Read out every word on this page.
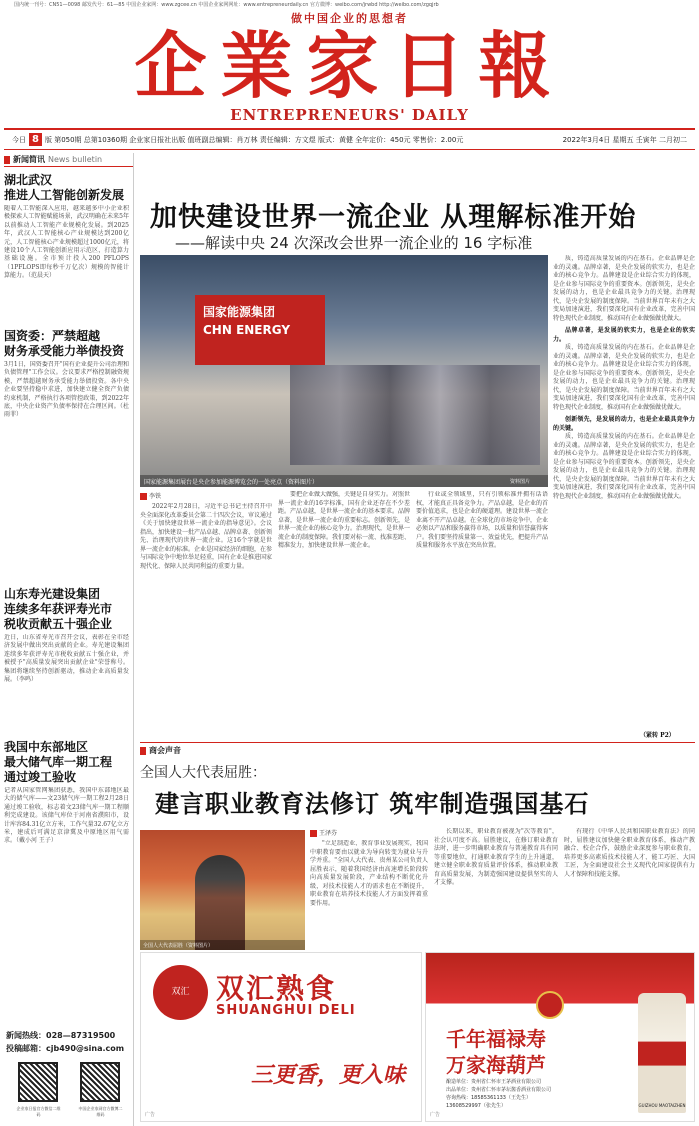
国内统一刊号：CN51—0098 邮发代号：61—85 中国企业家网：www.zgcee.cn 中国企业家网网址：www.entrepreneurdaily.cn 官方微博：weibo.com/jrwbd http://weibo.com/zgqjrb
做中国企业的思想者
企業家日報
ENTREPRENEURS' DAILY
今日 8 版 第050期 总第10360期 企业家日报社出版 值班副总编辑：肖万林 责任编辑：方文煜 版式：黄健 全年定价：450元 零售价：2.00元	2022年3月4日 星期五 壬寅年 二月初二
新闻简讯 News bulletin
湖北武汉
推进人工智能创新发展
随着人工智能深入应用，越来越多中小企业积极探索人工智能赋能场景，武汉明确在未来5年以前推动人工智能产业规模化发展。到2025年，武汉人工智能核心产业规模达到200亿元，人工智能核心产业规模超过1000亿元，将建设10个人工智能创新应用示范区，打造算力基础设施。全市预计投入200 PFLOPS（1PFLOPS即每秒千万亿次）规模的智能计算能力。（范晨天）
国资委：严禁超越
财务承受能力举债投资
3月1日，国资委召开"国有企业提升公司治理和负债管理"工作会议。会议要求严格控制融资规模，严禁超越财务承受能力举债投资。各中央企业要坚持稳中求进，加快建立健全资产负债约束机制，严格执行各项管控政策，到2022年底，中央企业资产负债率保持在合理区间。（杜雨菲）
山东寿光建设集团
连续多年获评寿光市
税收贡献五十强企业
近日，山东省寿光市召开会议，表彰在全市经济发展中做出突出贡献的企业。寿光建设集团连续多年获评寿光市税收贡献五十强企业，并被授予"高质量发展突出贡献企业"荣誉称号。集团将继续坚持创新驱动，推动企业高质量发展。（李鸣）
我国中东部地区
最大储气库一期工程
通过竣工验收
记者从国家管网集团获悉，我国中东部地区最大的储气库——文23储气库一期工程2月28日通过竣工验收，标志着文23储气库一期工程顺利完成建设。该储气库位于河南省濮阳市，设计库容84.31亿立方米，工作气量32.67亿立方米，建成后可满足京津冀及中原地区用气需求。（戴小河 王子）
新闻热线：028—87319500
投稿邮箱：cjb490@sina.com
企业家日报官方微信二维码
中国企业家网官方微博二维码
加快建设世界一流企业 从理解标准开始
——解读中央 24 次深改会世界一流企业的 16 字标准
国家能源集团
CHN ENERGY
国家能源集团展台是央企参加能源博览会的一处亮点（资料图片）	资料图片
李铁

2022年2月28日，习近平总书记主持召开中央全面深化改革委员会第二十四次会议，审议通过《关于加快建设世界一流企业的指导意见》。会议指出，加快建设一批产品卓越、品牌卓著、创新领先、治理现代的世界一流企业。这16个字就是世界一流企业的标准。企业是国家经济的细胞，在参与国际竞争中地位举足轻重，国有企业是推进国家现代化、保障人民共同利益的重要力量。

要把企业做大做强，关键是自身实力。对照世界一流企业的16字标准，国有企业还存在不少差距。产品卓越，是世界一流企业的基本要求。品牌卓著，是世界一流企业的重要标志。创新领先，是世界一流企业的核心竞争力。治理现代，是世界一流企业的制度保障。我们要对标一流、找准差距、精准发力，加快建设世界一流企业。

行业或全领域里，只有引领标准并拥有话语权，才能真正具备竞争力。产品卓越，是企业的首要价值追求，也是企业的硬道理。建设世界一流企业离不开产品卓越。在全球化的市场竞争中，企业必须以产品和服务赢得市场，以质量和信誉赢得客户。我们要坚持质量第一、效益优先，把提升产品质量和服务水平放在突出位置。

质，铸造高质量发展的内在基石。企业品牌是企业的灵魂。品牌卓著，是央企发展的软实力，也是企业的核心竞争力。品牌建设是企业综合实力的体现，是企业参与国际竞争的重要资本。创新领先，是央企发展的动力，也是企业最具竞争力的关键。治理现代，是央企发展的制度保障。当前世界百年未有之大变局加速演进，我们要深化国有企业改革，完善中国特色现代企业制度，推动国有企业做强做优做大。

品牌卓著，是发展的软实力，也是企业的软实力。

质，铸造高质量发展的内在基石。企业品牌是企业的灵魂。品牌卓著，是央企发展的软实力，也是企业的核心竞争力。品牌建设是企业综合实力的体现，是企业参与国际竞争的重要资本。创新领先，是央企发展的动力，也是企业最具竞争力的关键。治理现代，是央企发展的制度保障。当前世界百年未有之大变局加速演进，我们要深化国有企业改革，完善中国特色现代企业制度，推动国有企业做强做优做大。

创新领先，是发展的动力，也是企业最具竞争力的关键。

质，铸造高质量发展的内在基石。企业品牌是企业的灵魂。品牌卓著，是央企发展的软实力，也是企业的核心竞争力。品牌建设是企业综合实力的体现，是企业参与国际竞争的重要资本。创新领先，是央企发展的动力，也是企业最具竞争力的关键。治理现代，是央企发展的制度保障。当前世界百年未有之大变局加速演进，我们要深化国有企业改革，完善中国特色现代企业制度，推动国有企业做强做优做大。

（紧转 P2）
商会声音
全国人大代表屈胜：
建言职业教育法修订 筑牢制造强国基石
王泽芬
全国人大代表屈胜（资料图片）

"立足制造业、教育事业发展现实，我国中职教育要由以就业为导向转变为就业与升学并重。"全国人大代表、贵州某公司负责人屈胜表示，随着我国经济由高速增长阶段转向高质量发展阶段，产业结构不断优化升级，对技术技能人才的需求也在不断提升，职业教育在培养技术技能人才方面发挥着重要作用。

长期以来，职业教育被视为"次等教育"，社会认可度不高。屈胜建议，在修订职业教育法时，进一步明确职业教育与普通教育具有同等重要地位，打通职业教育学生的上升通道，建立健全职业教育质量评价体系，推动职业教育高质量发展，为制造强国建设提供坚实的人才支撑。

有现行《中华人民共和国职业教育法》的同时，屈胜建议加快健全职业教育体系，推动产教融合、校企合作，鼓励企业深度参与职业教育，培养更多高素质技术技能人才、能工巧匠、大国工匠，为全面建设社会主义现代化国家提供有力人才保障和技能支撑。

双汇 双汇熟食
SHUANGHUI DELI
三更香，更入味
广告
千年福禄寿
万家海葫芦
酿造单位：贵州省仁怀市王茅酒业有限公司
出品单位：贵州省仁怀市茅坛酱香酒业有限公司
咨询热线：18585361133（王先生）
13608529997（张先生）	GUIZHOU MAOTAIZHEN
广告
